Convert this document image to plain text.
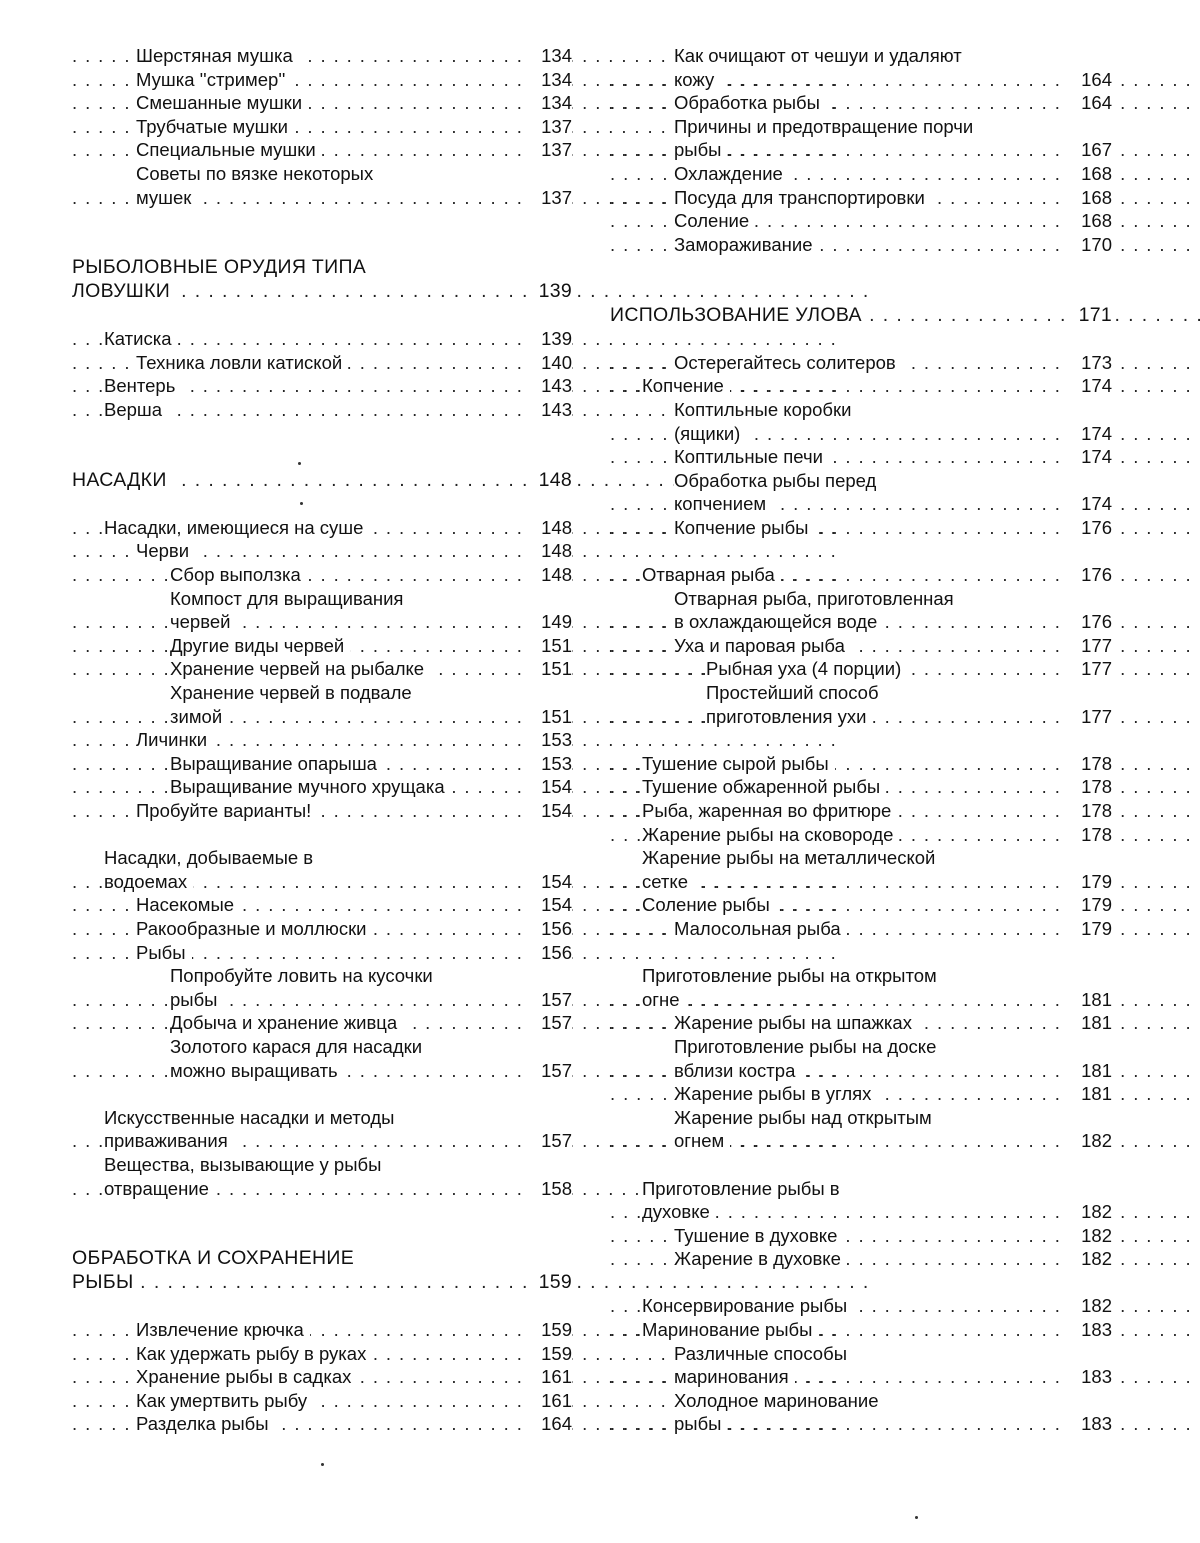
Шерстяная мушка . . .	134
Мушка ''стример'' . . .	134
Смешанные мушки . . .	134
Трубчатые мушки . . .	137
Специальные мушки . . .	137
Советы по вязке некоторых
мушек . . .	137
РЫБОЛОВНЫЕ ОРУДИЯ ТИПА
ЛОВУШКИ . . .	139
Катиска . . .	139
Техника ловли катиской . . .	140
Вентерь . . .	143
Верша . . .	143
НАСАДКИ . . .	148
Насадки, имеющиеся на суше . . .	148
Черви . . .	148
Сбор выползка . . .	148
Компост для выращивания
червей . . .	149
Другие виды червей . . .	151
Хранение червей на рыбалке . . .	151
Хранение червей в подвале
зимой . . .	151
Личинки . . .	153
Выращивание опарыша . . .	153
Выращивание мучного хрущака . . .	154
Пробуйте варианты! . . .	154
Насадки, добываемые в
водоемах . . .	154
Насекомые . . .	154
Ракообразные и моллюски . . .	156
Рыбы . . .	156
Попробуйте ловить на кусочки
рыбы . . .	157
Добыча и хранение живца . . .	157
Золотого карася для насадки
можно выращивать . . .	157
Искусственные насадки и методы
приваживания . . .	157
Вещества, вызывающие у рыбы
отвращение . . .	158
ОБРАБОТКА И СОХРАНЕНИЕ
РЫБЫ . . .	159
Извлечение крючка . . .	159
Как удержать рыбу в руках . . .	159
Хранение рыбы в садках . . .	161
Как умертвить рыбу . . .	161
Разделка рыбы . . .	164
Как очищают от чешуи и удаляют
кожу . . .	164
Обработка рыбы . . .	164
Причины и предотвращение порчи
рыбы . . .	167
Охлаждение . . .	168
Посуда для транспортировки . . .	168
Соление . . .	168
Замораживание . . .	170
ИСПОЛЬЗОВАНИЕ УЛОВА . . .	171
Остерегайтесь солитеров . . .	173
Копчение . . .	174
Коптильные коробки
(ящики) . . .	174
Коптильные печи . . .	174
Обработка рыбы перед
копчением . . .	174
Копчение рыбы . . .	176
Отварная рыба . . .	176
Отварная рыба, приготовленная
в охлаждающейся воде . . .	176
Уха и паровая рыба . . .	177
Рыбная уха (4 порции) . . .	177
Простейший способ
приготовления ухи . . .	177
Тушение сырой рыбы . . .	178
Тушение обжаренной рыбы . . .	178
Рыба, жаренная во фритюре . . .	178
Жарение рыбы на сковороде . . .	178
Жарение рыбы на металлической
сетке . . .	179
Соление рыбы . . .	179
Малосольная рыба . . .	179
Приготовление рыбы на открытом
огне . . .	181
Жарение рыбы на шпажках . . .	181
Приготовление рыбы на доске
вблизи костра . . .	181
Жарение рыбы в углях . . .	181
Жарение рыбы над открытым
огнем . . .	182
Приготовление рыбы в
духовке . . .	182
Тушение в духовке . . .	182
Жарение в духовке . . .	182
Консервирование рыбы . . .	182
Маринование рыбы . . .	183
Различные способы
маринования . . .	183
Холодное маринование
рыбы . . .	183
